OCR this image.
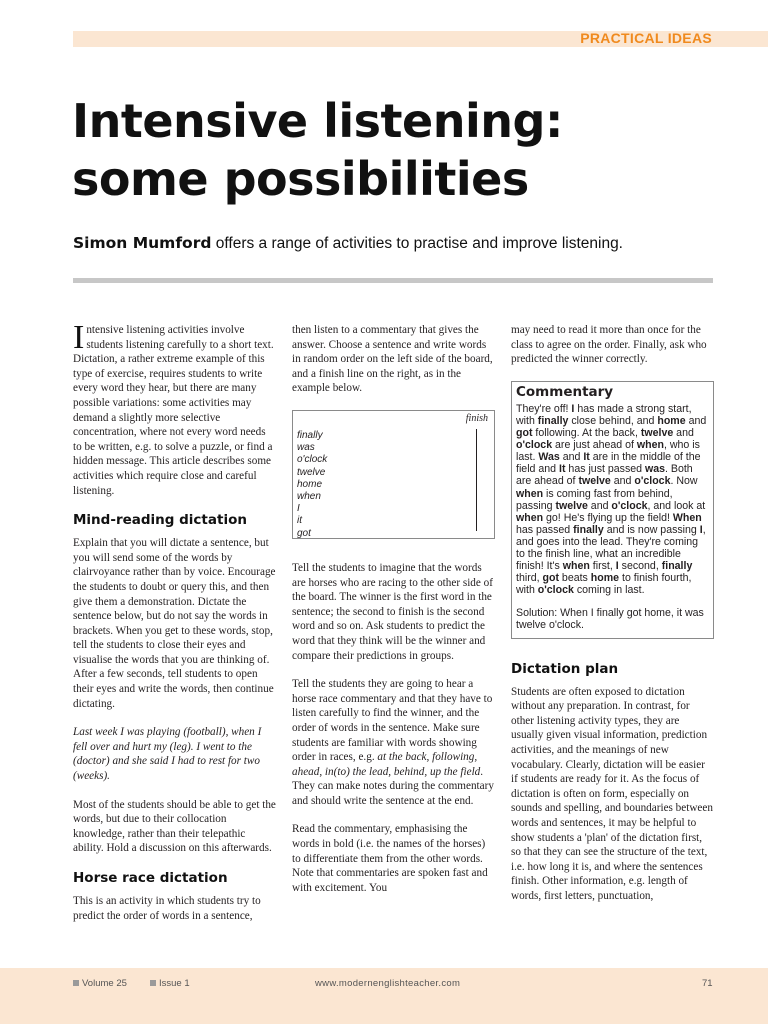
PRACTICAL IDEAS
Intensive listening:
some possibilities
Simon Mumford offers a range of activities to practise and improve listening.

Intensive listening activities involve students listening carefully to a short text. Dictation, a rather extreme example of this type of exercise, requires students to write every word they hear, but there are many possible variations: some activities may demand a slightly more selective concentration, where not every word needs to be written, e.g. to solve a puzzle, or find a hidden message. This article describes some activities which require close and careful listening.

Mind-reading dictation

Explain that you will dictate a sentence, but you will send some of the words by clairvoyance rather than by voice. Encourage the students to doubt or query this, and then give them a demonstration. Dictate the sentence below, but do not say the words in brackets. When you get to these words, stop, tell the students to close their eyes and visualise the words that you are thinking of. After a few seconds, tell students to open their eyes and write the words, then continue dictating.

Last week I was playing (football), when I fell over and hurt my (leg). I went to the (doctor) and she said I had to rest for two (weeks).

Most of the students should be able to get the words, but due to their collocation knowledge, rather than their telepathic ability. Hold a discussion on this afterwards.

Horse race dictation

This is an activity in which students try to predict the order of words in a sentence,

then listen to a commentary that gives the answer. Choose a sentence and write words in random order on the left side of the board, and a finish line on the right, as in the example below.

finish
finally
was
o'clock
twelve
home
when
I
it
got

Tell the students to imagine that the words are horses who are racing to the other side of the board. The winner is the first word in the sentence; the second to finish is the second word and so on. Ask students to predict the word that they think will be the winner and compare their predictions in groups.

Tell the students they are going to hear a horse race commentary and that they have to listen carefully to find the winner, and the order of words in the sentence. Make sure students are familiar with words showing order in races, e.g. at the back, following, ahead, in(to) the lead, behind, up the field. They can make notes during the commentary and should write the sentence at the end.

Read the commentary, emphasising the words in bold (i.e. the names of the horses) to differentiate them from the other words. Note that commentaries are spoken fast and with excitement. You

may need to read it more than once for the class to agree on the order. Finally, ask who predicted the winner correctly.

Commentary

They're off! I has made a strong start, with finally close behind, and home and got following. At the back, twelve and o'clock are just ahead of when, who is last. Was and It are in the middle of the field and It has just passed was. Both are ahead of twelve and o'clock. Now when is coming fast from behind, passing twelve and o'clock, and look at when go! He's flying up the field! When has passed finally and is now passing I, and goes into the lead. They're coming to the finish line, what an incredible finish! It's when first, I second, finally third, got beats home to finish fourth, with o'clock coming in last.

Solution: When I finally got home, it was twelve o'clock.

Dictation plan

Students are often exposed to dictation without any preparation. In contrast, for other listening activity types, they are usually given visual information, prediction activities, and the meanings of new vocabulary. Clearly, dictation will be easier if students are ready for it. As the focus of dictation is often on form, especially on sounds and spelling, and boundaries between words and sentences, it may be helpful to show students a 'plan' of the dictation first, so that they can see the structure of the text, i.e. how long it is, and where the sentences finish. Other information, e.g. length of words, first letters, punctuation,

Volume 25	Issue 1	www.modernenglishteacher.com	71
